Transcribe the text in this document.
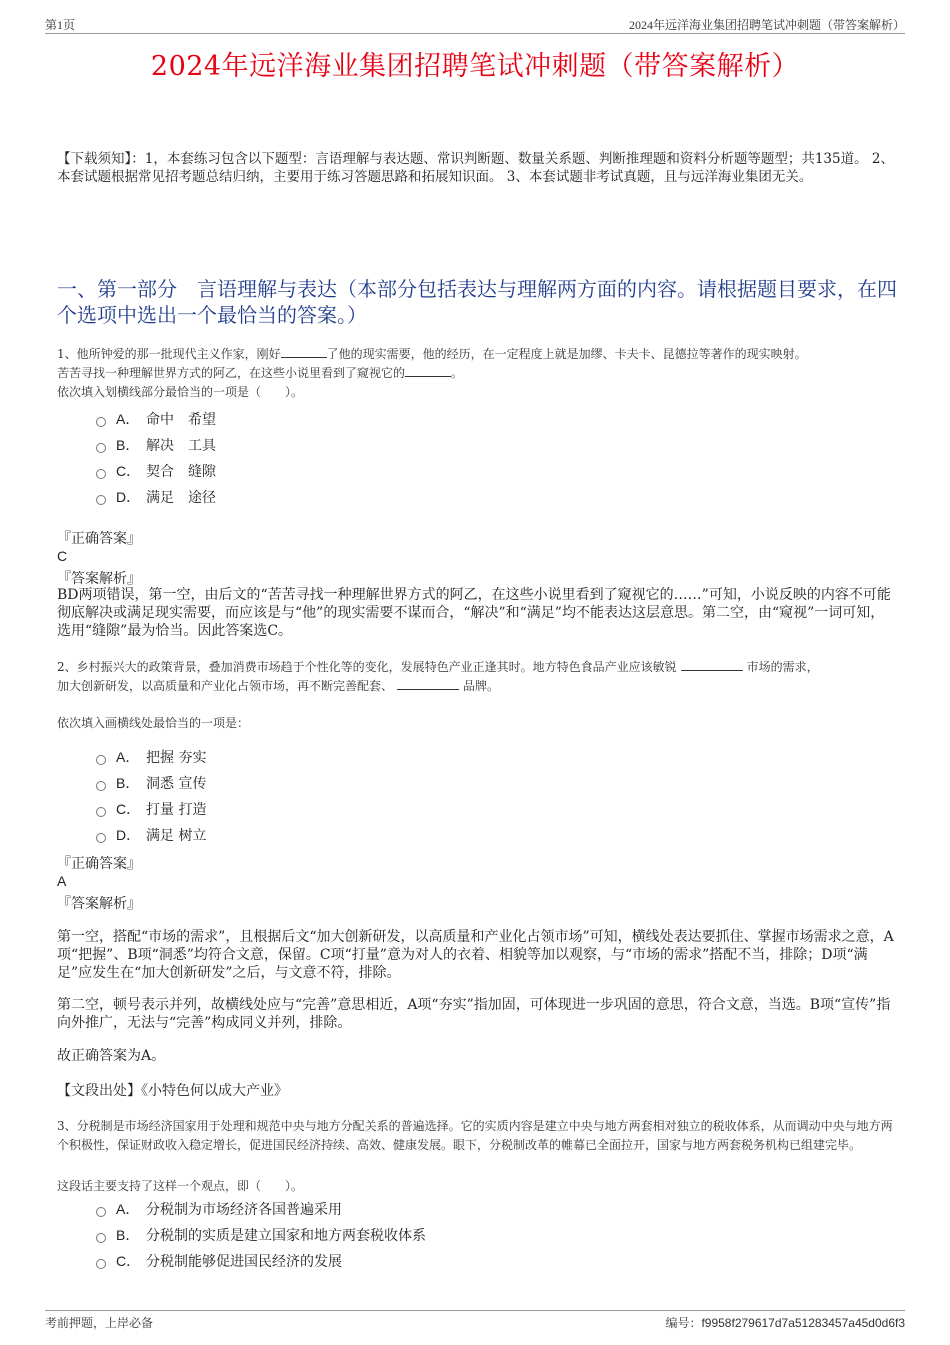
第1页	2024年远洋海业集团招聘笔试冲刺题（带答案解析）
2024年远洋海业集团招聘笔试冲刺题（带答案解析）
【下载须知】：1，本套练习包含以下题型：言语理解与表达题、常识判断题、数量关系题、判断推理题和资料分析题等题型；共135道。 2、本套试题根据常见招考题总结归纳，主要用于练习答题思路和拓展知识面。 3、本套试题非考试真题，且与远洋海业集团无关。
一、第一部分　言语理解与表达（本部分包括表达与理解两方面的内容。请根据题目要求，在四个选项中选出一个最恰当的答案。）
1、他所钟爱的那一批现代主义作家，刚好	了他的现实需要，他的经历，在一定程度上就是加缪、卡夫卡、昆德拉等著作的现实映射。
苦苦寻找一种理解世界方式的阿乙，在这些小说里看到了窥视它的	。
依次填入划横线部分最恰当的一项是（　　）。
A． 命中　希望
B． 解决　工具
C． 契合　缝隙
D． 满足　途径
『正确答案』
C
『答案解析』
BD两项错误，第一空，由后文的“苦苦寻找一种理解世界方式的阿乙，在这些小说里看到了窥视它的……”可知，小说反映的内容不可能彻底解决或满足现实需要，而应该是与“他”的现实需要不谋而合，“解决”和“满足”均不能表达这层意思。第二空，由“窥视”一词可知，选用“缝隙”最为恰当。因此答案选C。
2、乡村振兴大的政策背景，叠加消费市场趋于个性化等的变化，发展特色产业正逢其时。地方特色食品产业应该敏锐	市场的需求，
加大创新研发，以高质量和产业化占领市场，再不断完善配套、	品牌。
依次填入画横线处最恰当的一项是：
A． 把握 夯实
B． 洞悉 宣传
C． 打量 打造
D． 满足 树立
『正确答案』
A
『答案解析』
第一空，搭配“市场的需求”，且根据后文“加大创新研发，以高质量和产业化占领市场”可知，横线处表达要抓住、掌握市场需求之意，A项“把握”、B项“洞悉”均符合文意，保留。C项“打量”意为对人的衣着、相貌等加以观察，与“市场的需求”搭配不当，排除；D项“满足”应发生在“加大创新研发”之后，与文意不符，排除。
第二空，顿号表示并列，故横线处应与“完善”意思相近，A项“夯实”指加固，可体现进一步巩固的意思，符合文意，当选。B项“宣传”指向外推广，无法与“完善”构成同义并列，排除。
故正确答案为A。
【文段出处】《小特色何以成大产业》
3、分税制是市场经济国家用于处理和规范中央与地方分配关系的普遍选择。它的实质内容是建立中央与地方两套相对独立的税收体系，从而调动中央与地方两个积极性，保证财政收入稳定增长，促进国民经济持续、高效、健康发展。眼下，分税制改革的帷幕已全面拉开，国家与地方两套税务机构已组建完毕。
这段话主要支持了这样一个观点，即（　　）。
A． 分税制为市场经济各国普遍采用
B． 分税制的实质是建立国家和地方两套税收体系
C． 分税制能够促进国民经济的发展
考前押题，上岸必备	编号：f9958f279617d7a51283457a45d0d6f3
